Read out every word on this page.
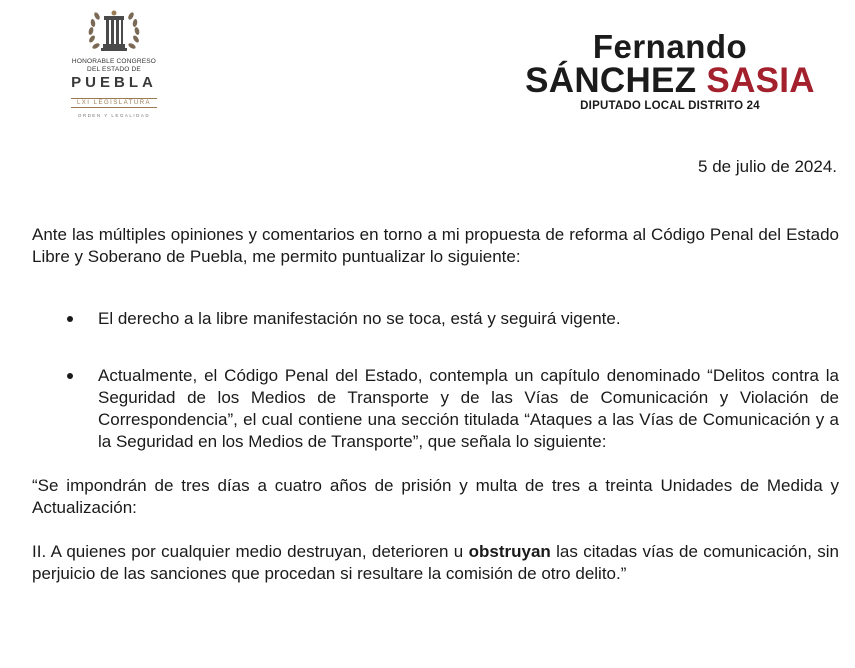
HONORABLE CONGRESO
DEL ESTADO DE
PUEBLA
LXI LEGISLATURA
ORDEN Y LEGALIDAD
Fernando
SÁNCHEZ SASIA
DIPUTADO LOCAL DISTRITO 24
5 de julio de 2024.

Ante las múltiples opiniones y comentarios en torno a mi propuesta de reforma al Código Penal del Estado Libre y Soberano de Puebla, me permito puntualizar lo siguiente:

El derecho a la libre manifestación no se toca, está y seguirá vigente.
Actualmente, el Código Penal del Estado, contempla un capítulo denominado “Delitos contra la Seguridad de los Medios de Transporte y de las Vías de Comunicación y Violación de Correspondencia”, el cual contiene una sección titulada “Ataques a las Vías de Comunicación y a la Seguridad en los Medios de Transporte”, que señala lo siguiente:

“Se impondrán de tres días a cuatro años de prisión y multa de tres a treinta Unidades de Medida y Actualización:

II. A quienes por cualquier medio destruyan, deterioren u obstruyan las citadas vías de comunicación, sin perjuicio de las sanciones que procedan si resultare la comisión de otro delito.”
